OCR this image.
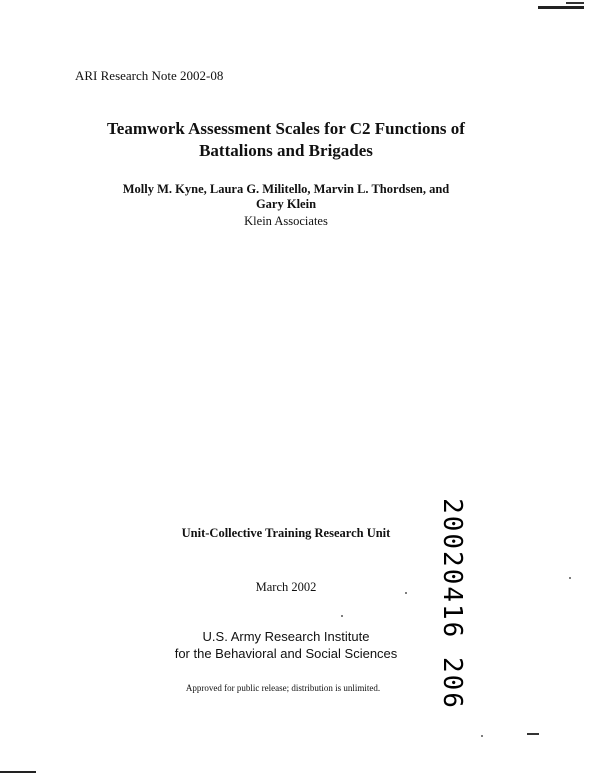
ARI Research Note 2002-08
Teamwork Assessment Scales for C2 Functions of
Battalions and Brigades
Molly M. Kyne, Laura G. Militello, Marvin L. Thordsen, and
Gary Klein
Klein Associates
Unit-Collective Training Research Unit
March 2002
U.S. Army Research Institute
for the Behavioral and Social Sciences
Approved for public release; distribution is unlimited.	20020416 206
